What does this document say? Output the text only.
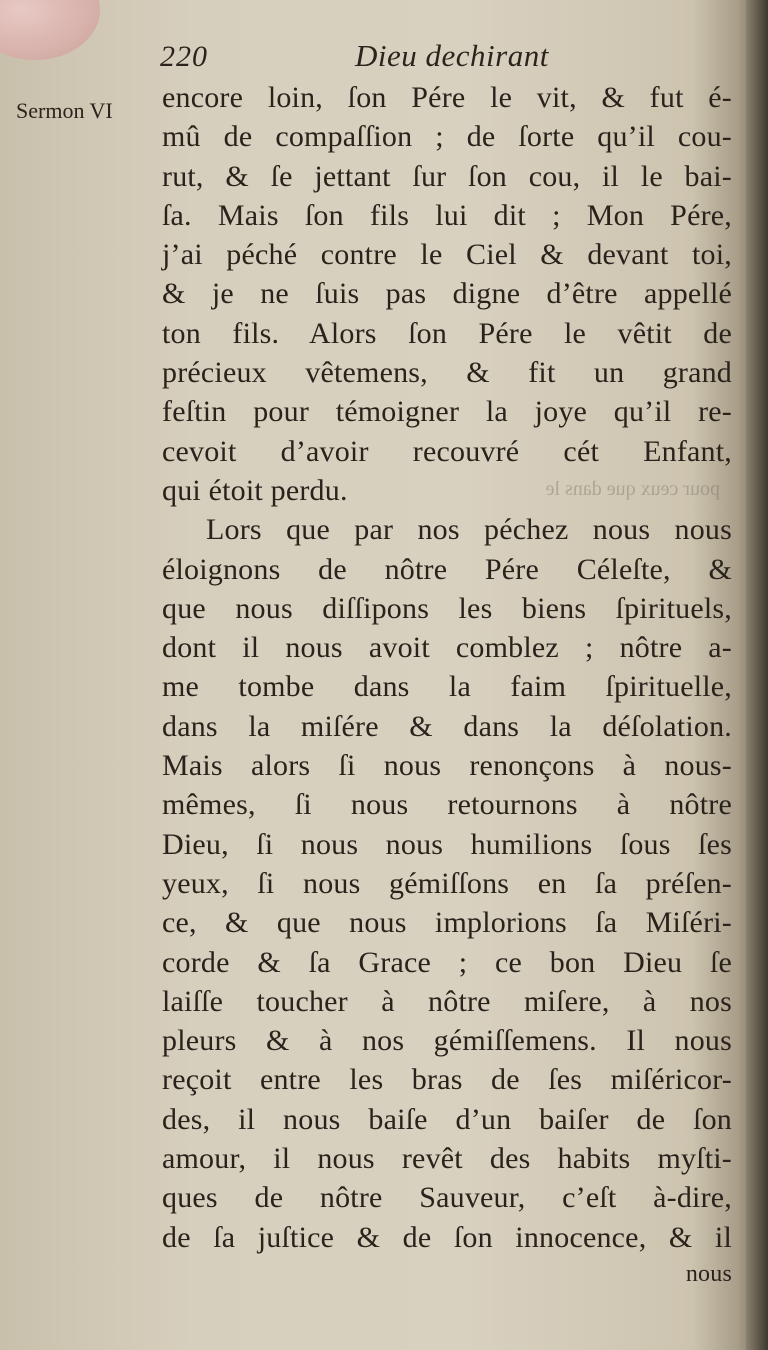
pour ceux que dans le
220	Dieu dechirant
Sermon VI encore loin, ſon Pére le vit, & fut é-
mû de compaſſion ; de ſorte qu’il cou-
rut, & ſe jettant ſur ſon cou, il le bai-
ſa. Mais ſon fils lui dit ; Mon Pére,
j’ai péché contre le Ciel & devant toi,
& je ne ſuis pas digne d’être appellé
ton fils. Alors ſon Pére le vêtit de
précieux vêtemens, & fit un grand
feſtin pour témoigner la joye qu’il re-
cevoit d’avoir recouvré cét Enfant,
qui étoit perdu.
Lors que par nos péchez nous nous
éloignons de nôtre Pére Céleſte, &
que nous diſſipons les biens ſpirituels,
dont il nous avoit comblez ; nôtre a-
me tombe dans la faim ſpirituelle,
dans la miſére & dans la déſolation.
Mais alors ſi nous renonçons à nous-
mêmes, ſi nous retournons à nôtre
Dieu, ſi nous nous humilions ſous ſes
yeux, ſi nous gémiſſons en ſa préſen-
ce, & que nous implorions ſa Miſéri-
corde & ſa Grace ; ce bon Dieu ſe
laiſſe toucher à nôtre miſere, à nos
pleurs & à nos gémiſſemens. Il nous
reçoit entre les bras de ſes miſéricor-
des, il nous baiſe d’un baiſer de ſon
amour, il nous revêt des habits myſti-
ques de nôtre Sauveur, c’eſt à-dire,
de ſa juſtice & de ſon innocence, & il
nous
